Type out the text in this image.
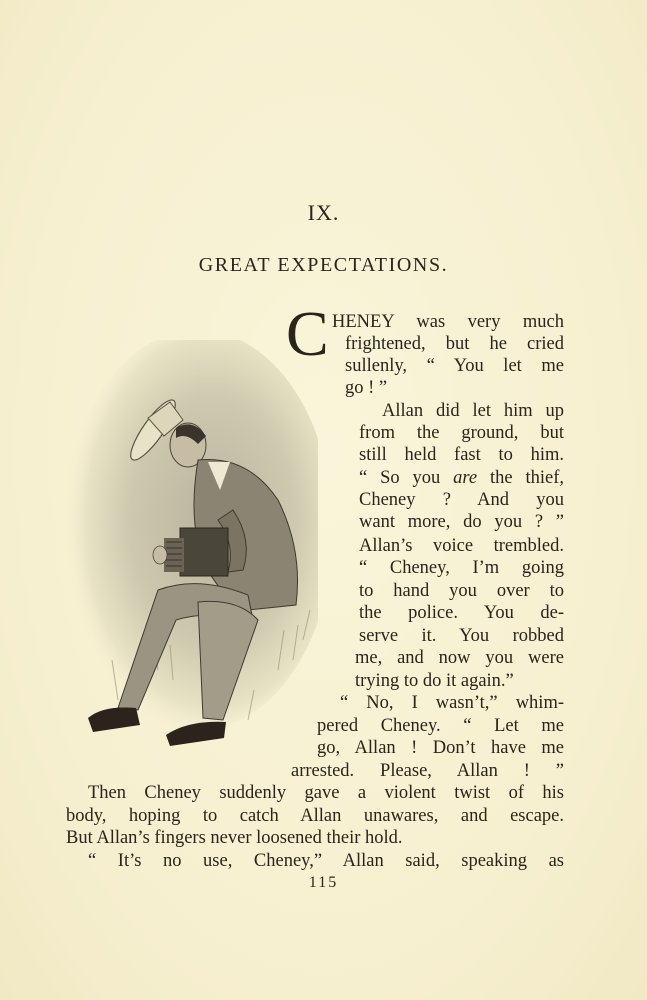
IX.
GREAT EXPECTATIONS.
C HENEY was very much
frightened, but he cried
sullenly, “ You let me
go ! ”
Allan did let him up
from the ground, but
still held fast to him.
“ So you are the thief,
Cheney ? And you
want more, do you ? ”
Allan’s voice trembled.
“ Cheney, I’m going
to hand you over to
the police. You de-
serve it. You robbed
me, and now you were
trying to do it again.”
“ No, I wasn’t,” whim-
pered Cheney. “ Let me
go, Allan ! Don’t have me
arrested. Please, Allan ! ”
Then Cheney suddenly gave a violent twist of his
body, hoping to catch Allan unawares, and escape.
But Allan’s fingers never loosened their hold.
“ It’s no use, Cheney,” Allan said, speaking as
115
